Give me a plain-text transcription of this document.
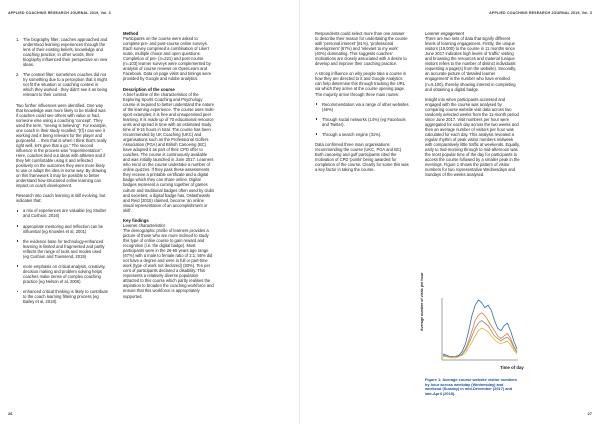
APPLIED COACHING RESEARCH JOURNAL 2019, Vol. 3	APPLIED COACHING RESEARCH JOURNAL 2019, Vol. 3
1. The biography filter: coaches approached and understood learning experiences through the lens of their existing beliefs, knowledge and coaching practice; in other words, their biography influenced their perspective on new ideas.
2. The context filter: sometimes coaches did not try something due to a perception that it might not fit the situation or coaching context in which they worked - they didn't see it as being relevant to their context.

Two further influences were identified. One way that knowledge was more likely to be trialled was if coaches could see others with value or had, someone else using a coaching 'concept'. They used the term, "seeing is believing". For example, one coach in their study recalled, "[If] I can see it working and it being relevant for the player and purposeful ... then that is when I think that's really right well, let's give that a go." The second influence in the process was "experimentation". Here, coaches tried out ideas with athletes and if they felt comfortable using it and reflected positively on the outcomes they were more likely to use or adapt the idea in some way. By drawing on this framework it may be possible to better understand how structured online learning can impact on coach development.

Research into coach learning is still evolving, but indicates that:

a mix of experiences are valuable (eg Stodter and Cushion, 2016)
appropriate mentoring and reflection can be influential (eg Knowles et al, 2001)
the evidence base for technology-enhanced learning is limited and fragmented and partly reflects the range of tools and modes used (eg Cushion and Townsend, 2019)
more emphasis on critical analysis, creativity, decision making and problem solving helps coaches make sense of complex coaching practice (eg Nelson et al, 2006)
enhanced critical thinking is likely to contribute to the coach learning filtering process (eg Bailey et al, 2018).
Method

Participants on the course were asked to complete pre- and post-course online surveys. Each survey comprised a combination of Likert scale, multiple choice and open questions. Completion of pre- (n=221) and post-course (n=103) learner surveys were complemented by analysis of course reviews on OpenLearn and Facebook. Data on page visits and timings were provided by Google and Adobe analytics.

Description of the course

A brief outline of the characteristics of the Exploring Sports Coaching and Psychology course is required to better understand the nature of the learning experience. The course uses multi-sport examples; it is free and unsupervised peer learning. It is made up of 70 educational resource units and spread in time with an estimated study time of 9-15 hours in total. The course has been recommended by UK Coaching (UKC) and organisations such as the Professional Golfers Association (PGA) and British Canoeing (BC) have adopted it as part of their CPD offer to coaches. The course is continuously available and was initially launched in June 2017. Learners who enrol on the course undertake a number of online quizzes. If they pass these assessments they receive a printable certificate and a digital badge which they can share online. Digital badges represent a coming together of games culture and traditional badges often used by clubs and societies; a digital badge has, Ostashewski and Reid (2015) claimed, become 'an online visual representation of an accomplishment or skill'.

Key findings
Learner characteristics

The demographic profile of learners provides a picture of those who are more inclined to study this type of online course to gain reward and recognition (i.e. the digital badge). Most participants were in the 26-55 years age range (67%) with a male to female ratio of 2:1; 55% did not have a degree and were in full or part-time work (type of work not declared) (83%). Ten per cent of participants declared a disability. This represents a relatively diverse population attracted to this course which partly realises the aspiration to broaden the coaching workforce and ensure that this workforce is appropriately supported.

Respondents could select more than one answer to describe their reason for undertaking the course with 'personal interest' (81%), 'professional development' (67%) and 'relevant to my work' (40%) dominating. This suggests coaches' motivations are closely associated with a desire to develop and improve their coaching practice.

A strong influence on why people take a course is how they are directed to it and Google Analytics can help determine this through tracking the URL via which they arrive at the course opening page. The majority arrive through three main routes:

Recommendation via a range of other websites (46%)
Through social networks (14%) (eg Facebook and Twitter).
Through a search engine (31%).

Data confirmed three main organisations recommending the course (UKC, PGA and BC). Both canoeing and golf participants cited the motivation of CPD 'points' being awarded for completion of the course. Clearly for some this was a key factor in taking the course.

Learner engagement

There are two sets of data that signify different levels of learning engagement. Firstly, the unique visitors (19,000) to the course in 11 months since June 2017 indicates high levels of 'traffic' visiting and browsing the resources and material (unique visitors refers to the number of distinct individuals requesting a page(s) from the website). Secondly, an accurate picture of 'detailed learner engagement' is the number who have enrolled (n=5,100), thereby showing interest in completing and obtaining a digital badge.

Insight into when participants accessed and engaged with the course was analysed by comparing course website visit data across two randomly selected weeks from the 11-month period since June 2017. Visit numbers per hour were aggregated for each day across the two weeks and then an average number of visitors per hour was calculated for each day. This analysis revealed a regular rhythm of peak visitor numbers midweek with comparatively little traffic at weekends. Equally, early to mid-morning through to mid-afternoon was the most popular time of the day for participants to access the course followed by a smaller peak in the evenings. Figure 1 shows the pattern of visitor numbers for two representative Wednesdays and Sundays of the weeks analysed.

Average number of visits per hour
Time of day
Figure 1: Average course website visitor numbers by hour across weekday (Wednesday) and weekend (Sunday) in mid-December (2017) and late-April (2018).
26	27
